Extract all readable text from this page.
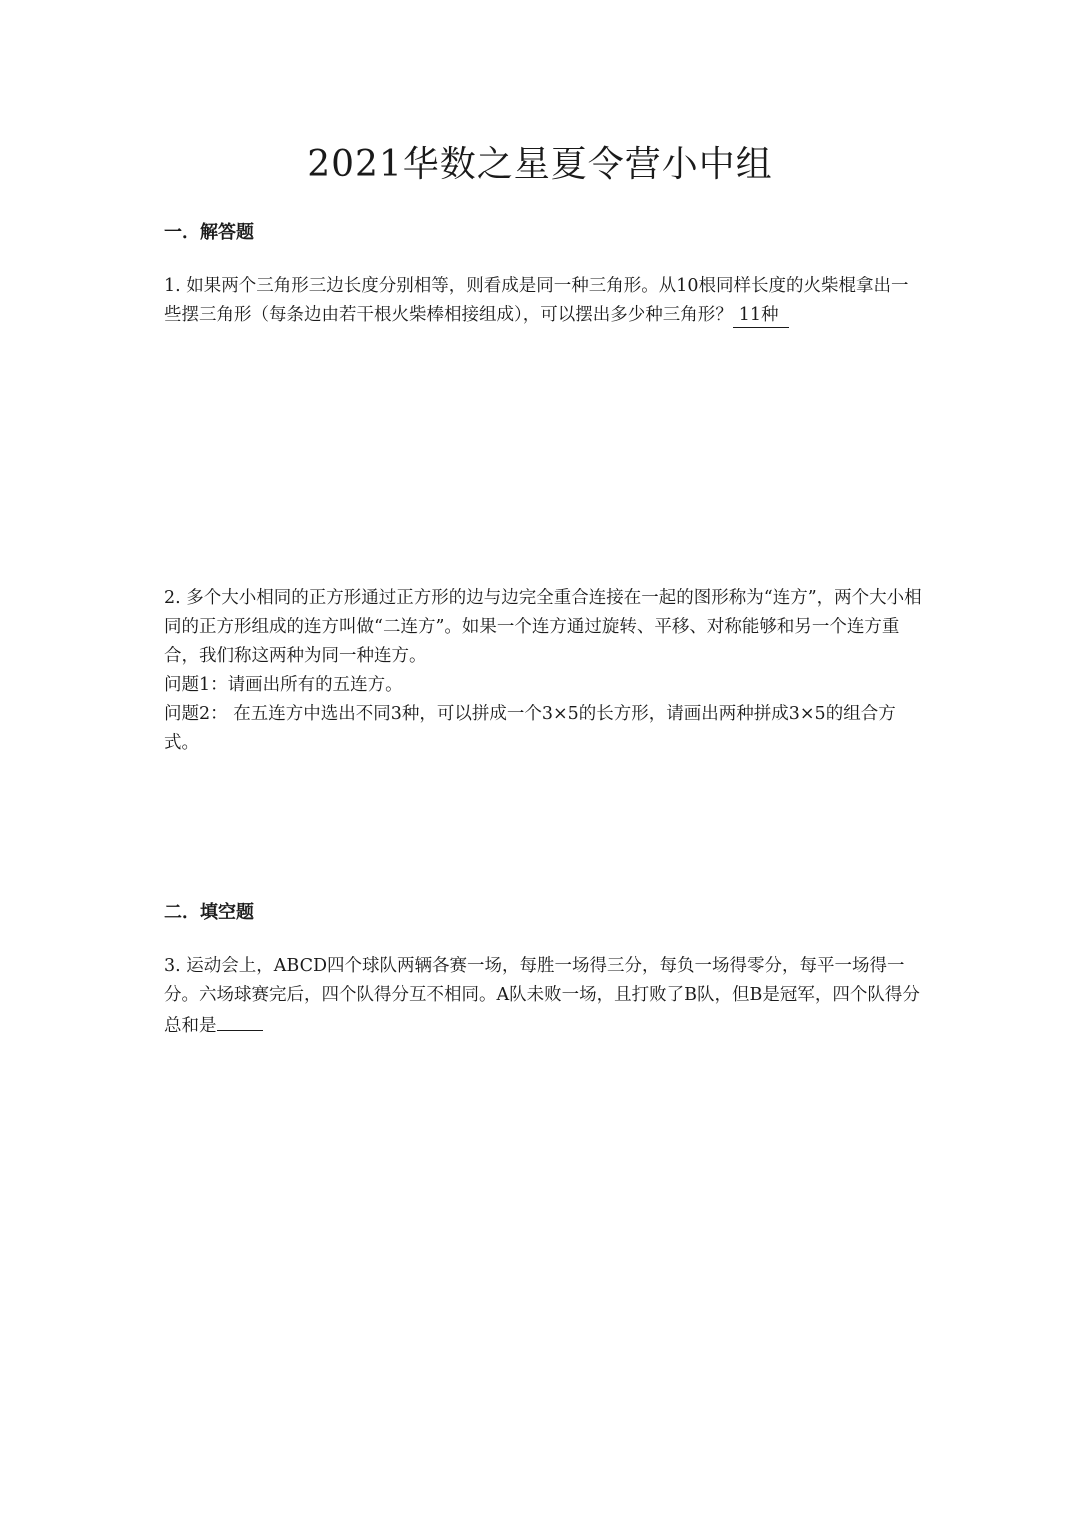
2021华数之星夏令营小中组
一．解答题

1. 如果两个三角形三边长度分别相等，则看成是同一种三角形。从10根同样长度的火柴棍拿出一些摆三角形（每条边由若干根火柴棒相接组成），可以摆出多少种三角形？ 11种

2. 多个大小相同的正方形通过正方形的边与边完全重合连接在一起的图形称为“连方”，两个大小相同的正方形组成的连方叫做“二连方”。如果一个连方通过旋转、平移、对称能够和另一个连方重合，我们称这两种为同一种连方。

问题1：请画出所有的五连方。

问题2： 在五连方中选出不同3种，可以拼成一个3×5的长方形，请画出两种拼成3×5的组合方式。

二．填空题

3. 运动会上，ABCD四个球队两辆各赛一场，每胜一场得三分，每负一场得零分，每平一场得一分。六场球赛完后，四个队得分互不相同。A队未败一场，且打败了B队，但B是冠军，四个队得分总和是
